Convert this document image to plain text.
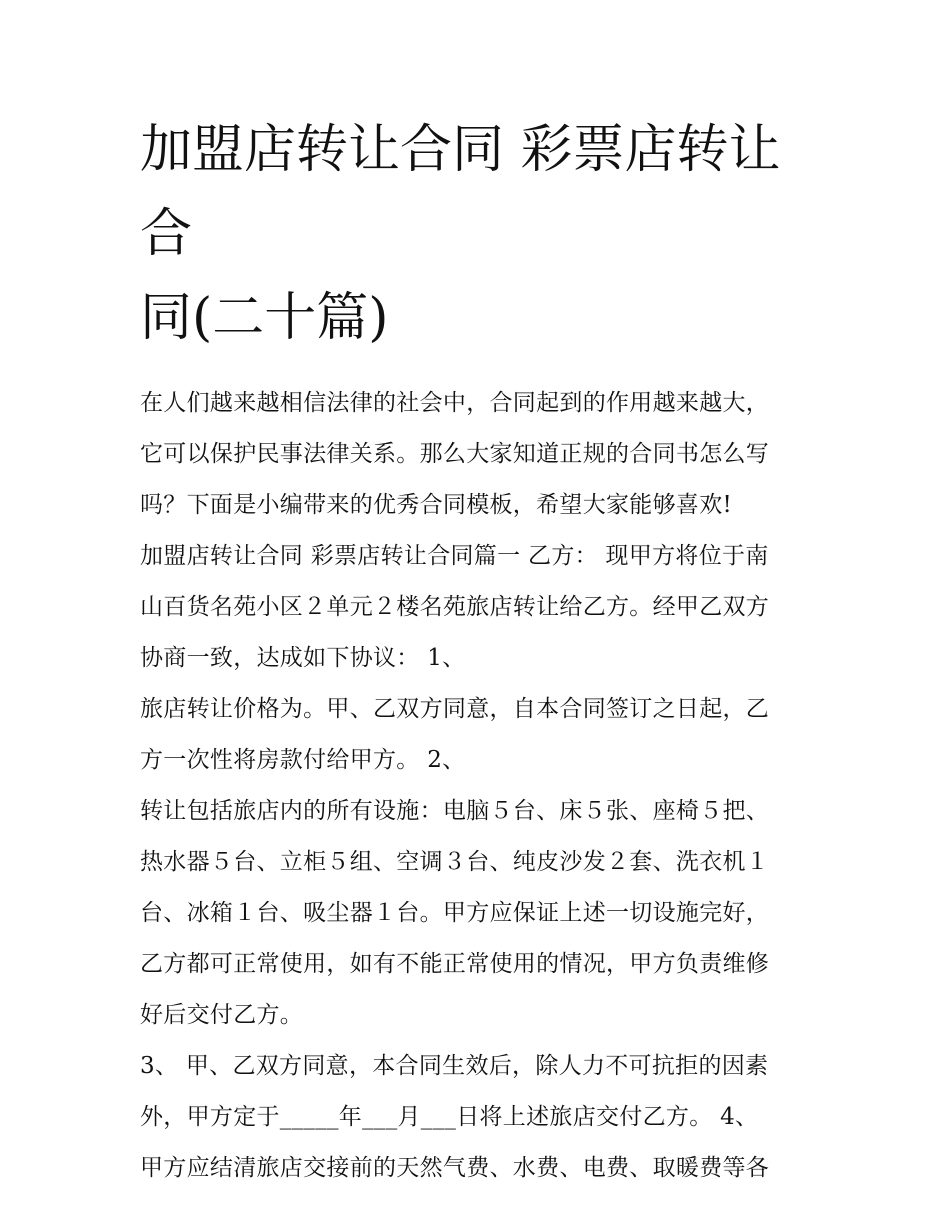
加盟店转让合同 彩票店转让合
同(二十篇)
在人们越来越相信法律的社会中，合同起到的作用越来越大，
它可以保护民事法律关系。那么大家知道正规的合同书怎么写
吗？下面是小编带来的优秀合同模板，希望大家能够喜欢!
加盟店转让合同 彩票店转让合同篇一 乙方： 现甲方将位于南
山百货名苑小区２单元２楼名苑旅店转让给乙方。经甲乙双方
协商一致，达成如下协议： 1、
旅店转让价格为。甲、乙双方同意，自本合同签订之日起，乙
方一次性将房款付给甲方。 2、
转让包括旅店内的所有设施：电脑５台、床５张、座椅５把、
热水器５台、立柜５组、空调３台、纯皮沙发２套、洗衣机１
台、冰箱１台、吸尘器１台。甲方应保证上述一切设施完好，
乙方都可正常使用，如有不能正常使用的情况，甲方负责维修
好后交付乙方。
3、 甲、乙双方同意，本合同生效后，除人力不可抗拒的因素
外，甲方定于_____年___月___日将上述旅店交付乙方。 4、
甲方应结清旅店交接前的天然气费、水费、电费、取暖费等各
